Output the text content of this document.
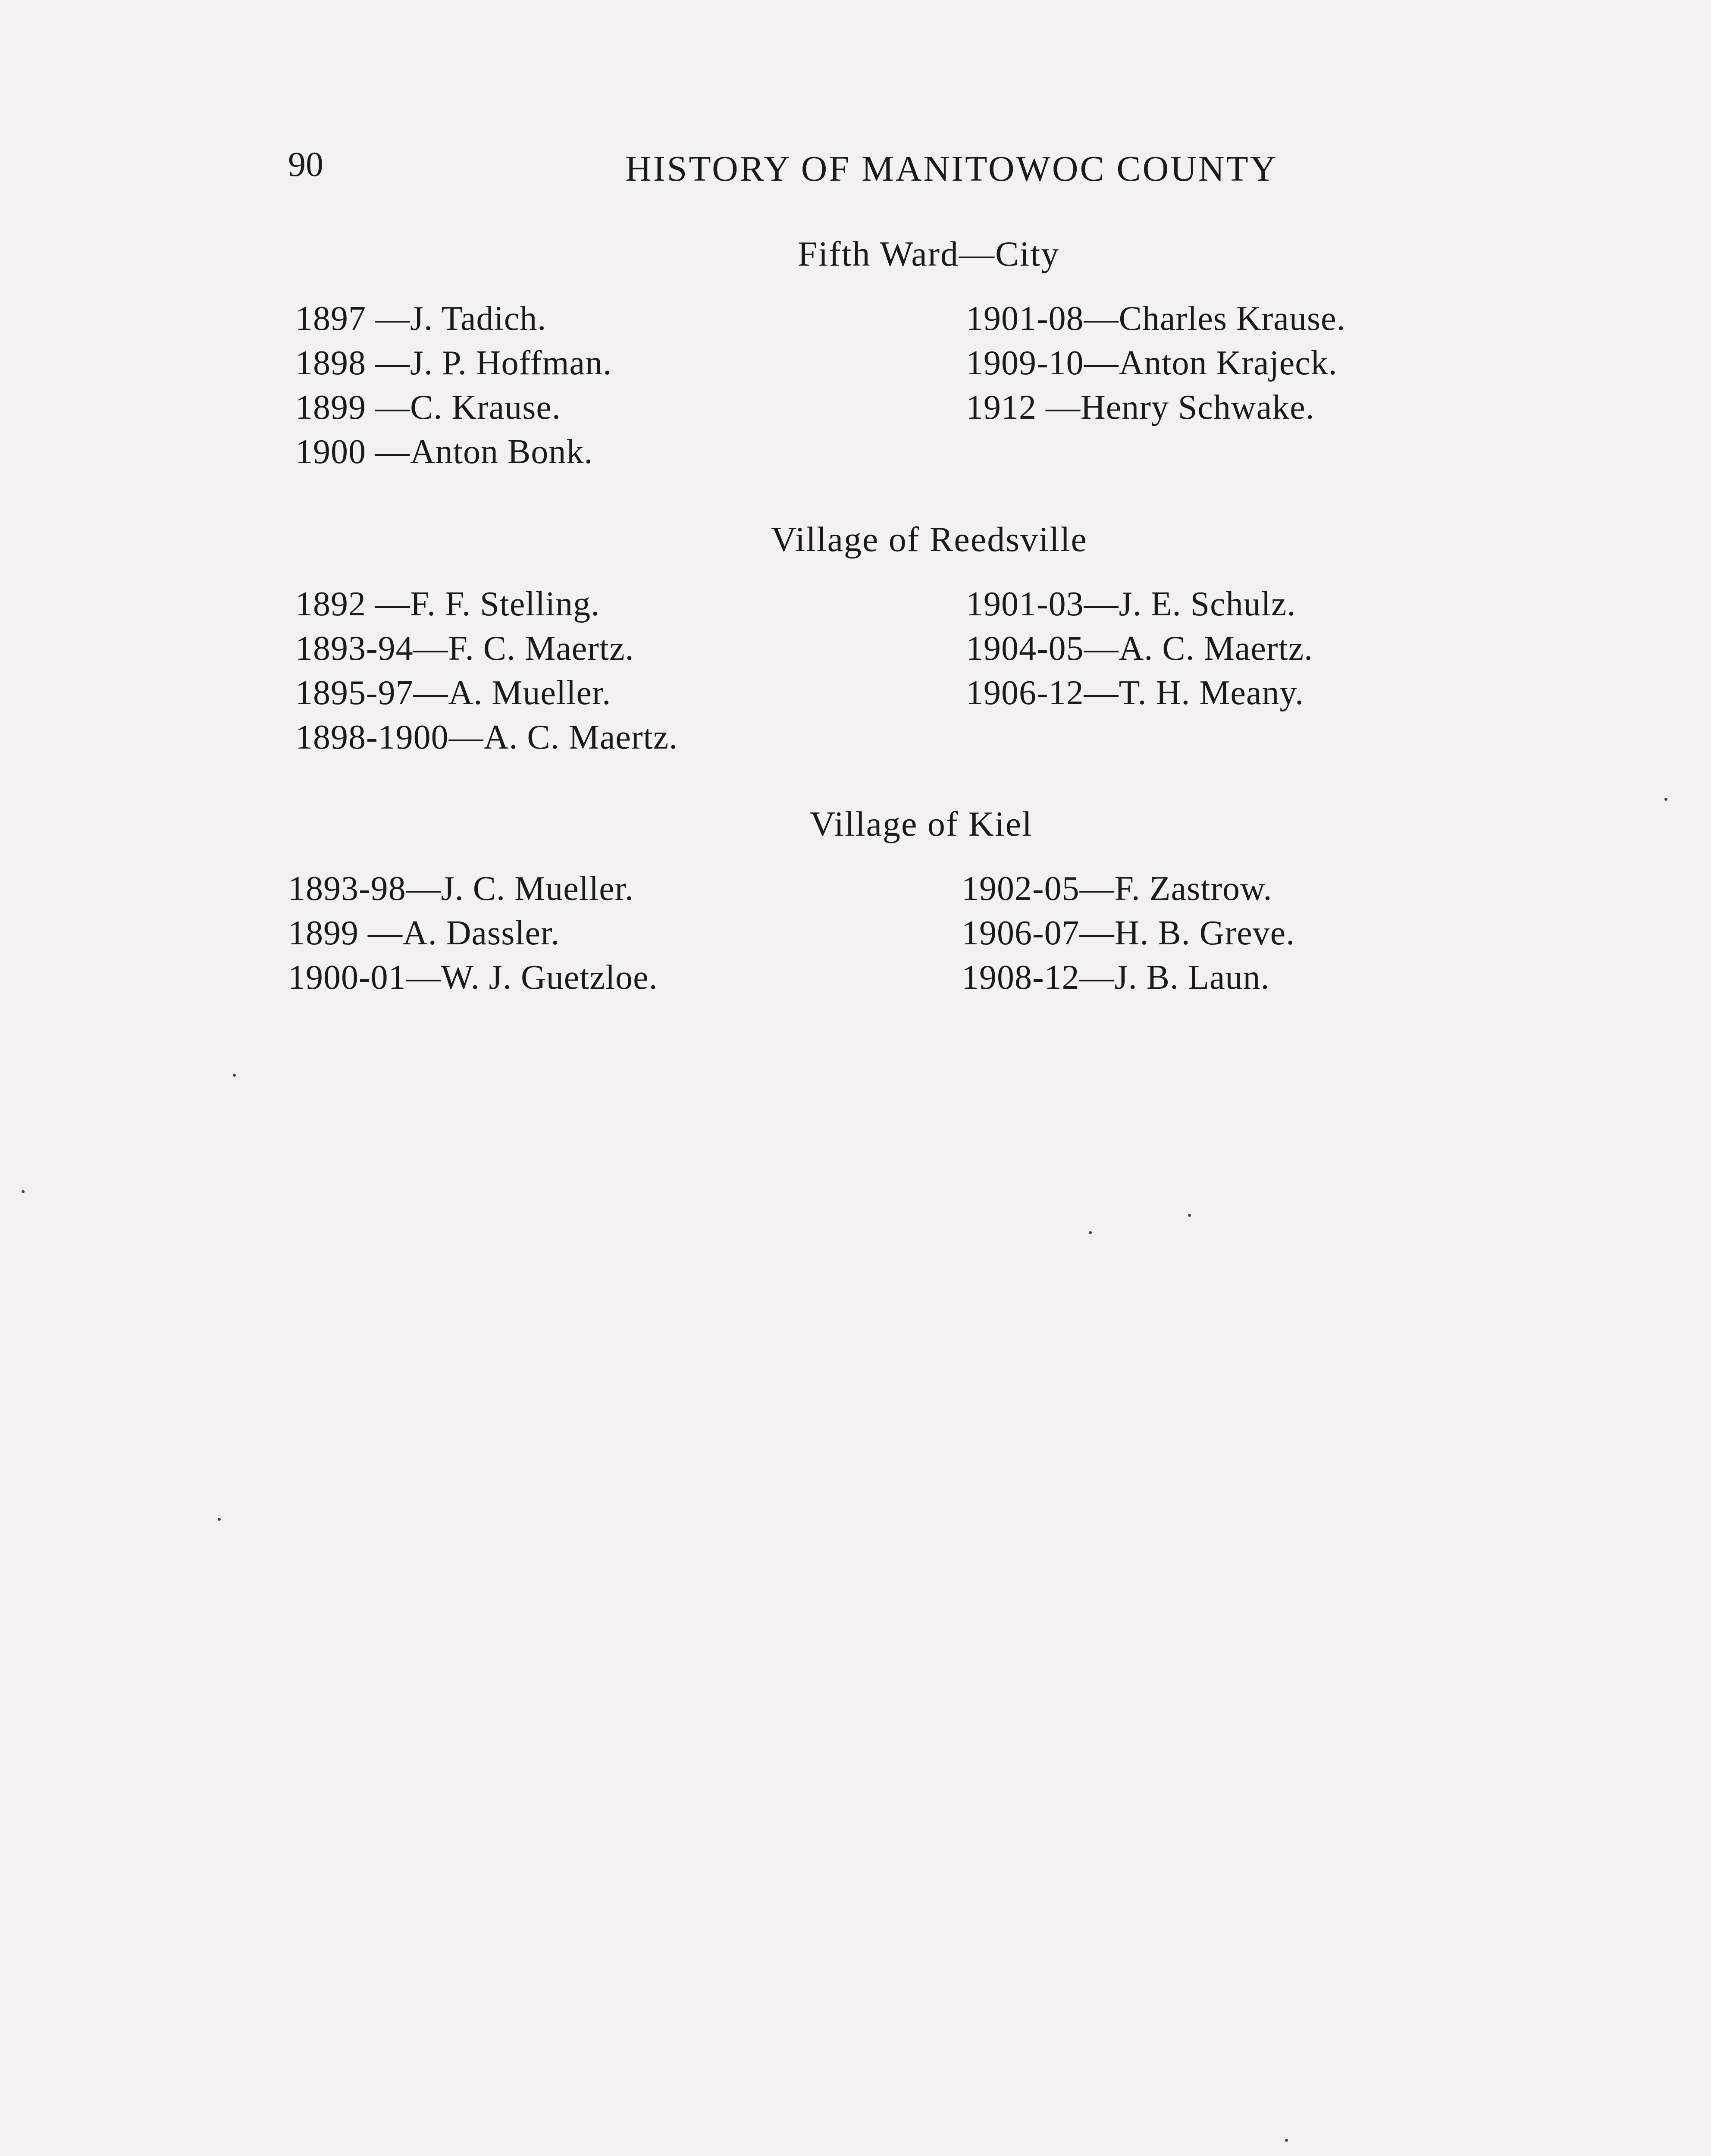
90	HISTORY OF MANITOWOC COUNTY
Fifth Ward—City
1897 —J. Tadich.
1898 —J. P. Hoffman.
1899 —C. Krause.
1900 —Anton Bonk.
1901-08—Charles Krause.
1909-10—Anton Krajeck.
1912 —Henry Schwake.
Village of Reedsville
1892 —F. F. Stelling.
1893-94—F. C. Maertz.
1895-97—A. Mueller.
1898-1900—A. C. Maertz.
1901-03—J. E. Schulz.
1904-05—A. C. Maertz.
1906-12—T. H. Meany.
Village of Kiel
1893-98—J. C. Mueller.
1899 —A. Dassler.
1900-01—W. J. Guetzloe.
1902-05—F. Zastrow.
1906-07—H. B. Greve.
1908-12—J. B. Laun.
